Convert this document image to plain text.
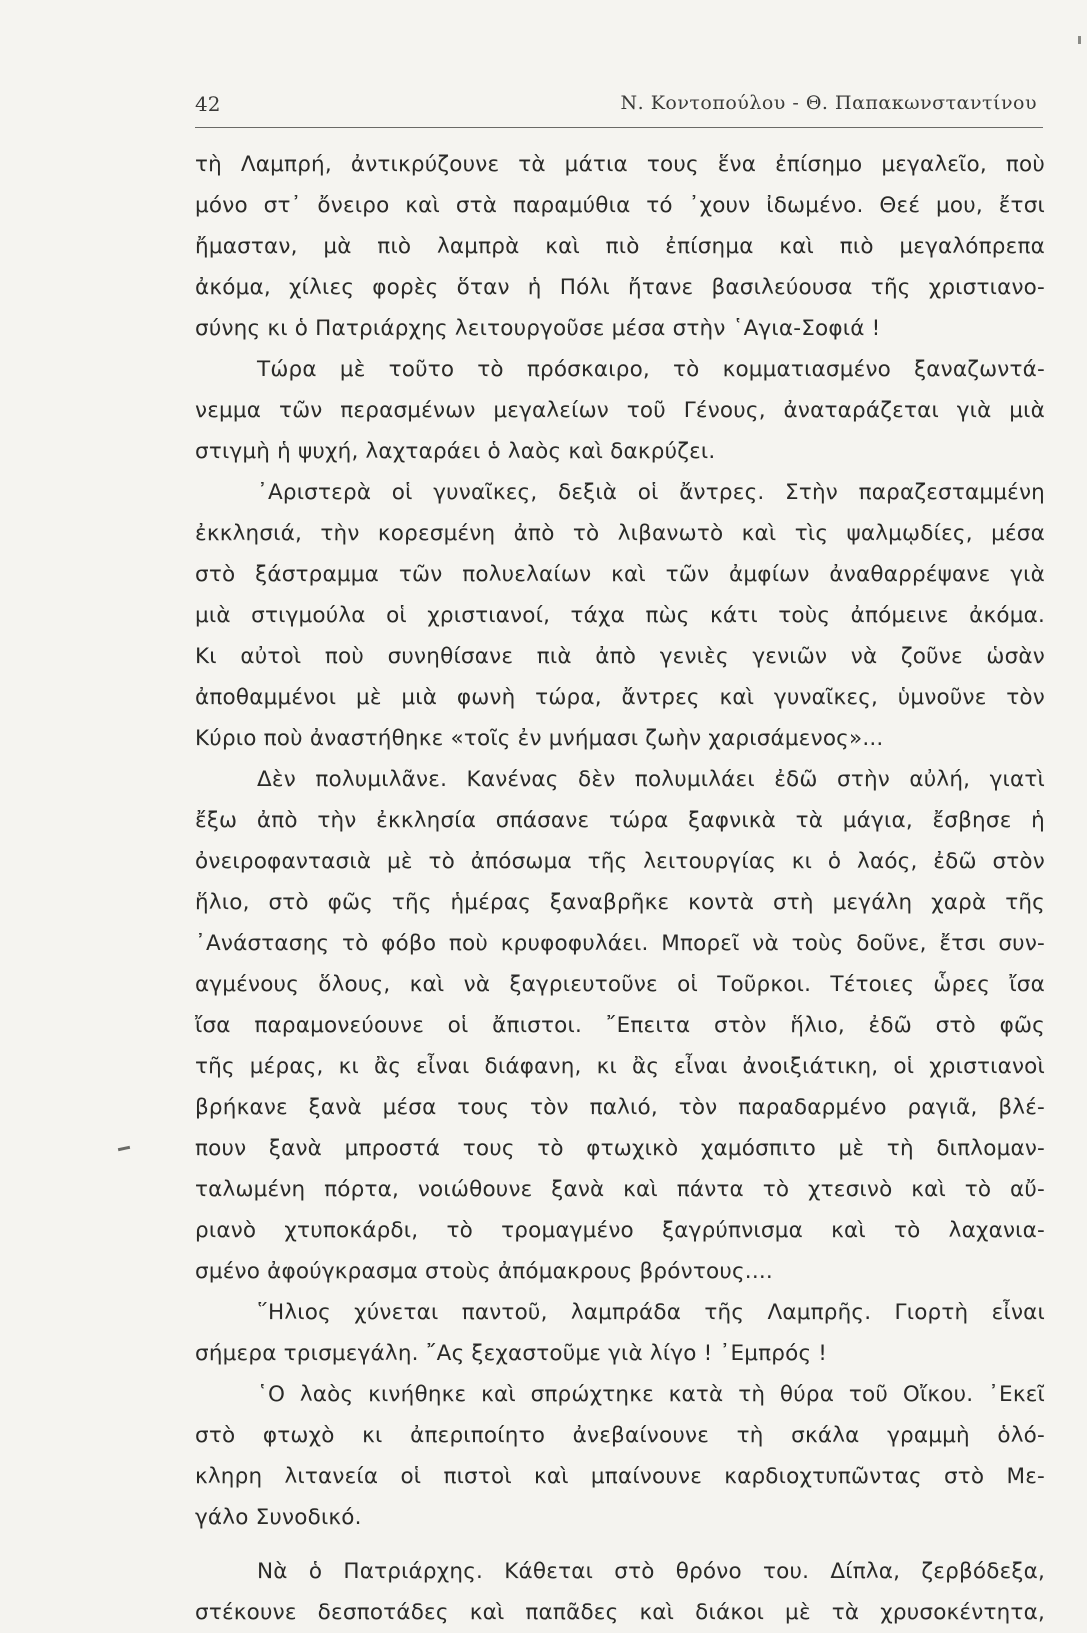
42	Ν. Κοντοπούλου - Θ. Παπακωνσταντίνου
τὴ Λαμπρή, ἀντικρύζουνε τὰ μάτια τους ἕνα ἐπίσημο μεγαλεῖο, ποὺ
μόνο στ᾽ ὄνειρο καὶ στὰ παραμύθια τό ᾽χουν ἰδωμένο. Θεέ μου, ἔτσι
ἤμασταν, μὰ πιὸ λαμπρὰ καὶ πιὸ ἐπίσημα καὶ πιὸ μεγαλόπρεπα
ἀκόμα, χίλιες φορὲς ὅταν ἡ Πόλι ἤτανε βασιλεύουσα τῆς χριστιανο-
σύνης κι ὁ Πατριάρχης λειτουργοῦσε μέσα στὴν ῾Αγια-Σοφιά !
Τώρα μὲ τοῦτο τὸ πρόσκαιρο, τὸ κομματιασμένο ξαναζωντά-
νεμμα τῶν περασμένων μεγαλείων τοῦ Γένους, ἀναταράζεται γιὰ μιὰ
στιγμὴ ἡ ψυχή, λαχταράει ὁ λαὸς καὶ δακρύζει.
᾽Αριστερὰ οἱ γυναῖκες, δεξιὰ οἱ ἄντρες. Στὴν παραζεσταμμένη
ἐκκλησιά, τὴν κορεσμένη ἀπὸ τὸ λιβανωτὸ καὶ τὶς ψαλμῳδίες, μέσα
στὸ ξάστραμμα τῶν πολυελαίων καὶ τῶν ἀμφίων ἀναθαρρέψανε γιὰ
μιὰ στιγμούλα οἱ χριστιανοί, τάχα πὼς κάτι τοὺς ἀπόμεινε ἀκόμα.
Κι αὐτοὶ ποὺ συνηθίσανε πιὰ ἀπὸ γενιὲς γενιῶν νὰ ζοῦνε ὡσὰν
ἀποθαμμένοι μὲ μιὰ φωνὴ τώρα, ἄντρες καὶ γυναῖκες, ὑμνοῦνε τὸν
Κύριο ποὺ ἀναστήθηκε «τοῖς ἐν μνήμασι ζωὴν χαρισάμενος»...
Δὲν πολυμιλᾶνε. Κανένας δὲν πολυμιλάει ἐδῶ στὴν αὐλή, γιατὶ
ἔξω ἀπὸ τὴν ἐκκλησία σπάσανε τώρα ξαφνικὰ τὰ μάγια, ἔσβησε ἡ
ὀνειροφαντασιὰ μὲ τὸ ἀπόσωμα τῆς λειτουργίας κι ὁ λαός, ἐδῶ στὸν
ἥλιο, στὸ φῶς τῆς ἡμέρας ξαναβρῆκε κοντὰ στὴ μεγάλη χαρὰ τῆς
᾽Ανάστασης τὸ φόβο ποὺ κρυφοφυλάει. Μπορεῖ νὰ τοὺς δοῦνε, ἔτσι συν-
αγμένους ὅλους, καὶ νὰ ξαγριευτοῦνε οἱ Τοῦρκοι. Τέτοιες ὧρες ἴσα
ἴσα παραμονεύουνε οἱ ἄπιστοι. ῎Επειτα στὸν ἥλιο, ἐδῶ στὸ φῶς
τῆς μέρας, κι ἂς εἶναι διάφανη, κι ἂς εἶναι ἀνοιξιάτικη, οἱ χριστιανοὶ
βρήκανε ξανὰ μέσα τους τὸν παλιό, τὸν παραδαρμένο ραγιᾶ, βλέ-
πουν ξανὰ μπροστά τους τὸ φτωχικὸ χαμόσπιτο μὲ τὴ διπλομαν-
ταλωμένη πόρτα, νοιώθουνε ξανὰ καὶ πάντα τὸ χτεσινὸ καὶ τὸ αὔ-
ριανὸ χτυποκάρδι, τὸ τρομαγμένο ξαγρύπνισμα καὶ τὸ λαχανια-
σμένο ἀφούγκρασμα στοὺς ἀπόμακρους βρόντους....
῞Ηλιος χύνεται παντοῦ, λαμπράδα τῆς Λαμπρῆς. Γιορτὴ εἶναι
σήμερα τρισμεγάλη. ῎Ας ξεχαστοῦμε γιὰ λίγο ! ᾽Εμπρός !
῾Ο λαὸς κινήθηκε καὶ σπρώχτηκε κατὰ τὴ θύρα τοῦ Οἴκου. ᾽Εκεῖ
στὸ φτωχὸ κι ἀπεριποίητο ἀνεβαίνουνε τὴ σκάλα γραμμὴ ὁλό-
κληρη λιτανεία οἱ πιστοὶ καὶ μπαίνουνε καρδιοχτυπῶντας στὸ Με-
γάλο Συνοδικό.
Νὰ ὁ Πατριάρχης. Κάθεται στὸ θρόνο του. Δίπλα, ζερβόδεξα,
στέκουνε δεσποτάδες καὶ παπᾶδες καὶ διάκοι μὲ τὰ χρυσοκέντητα,
